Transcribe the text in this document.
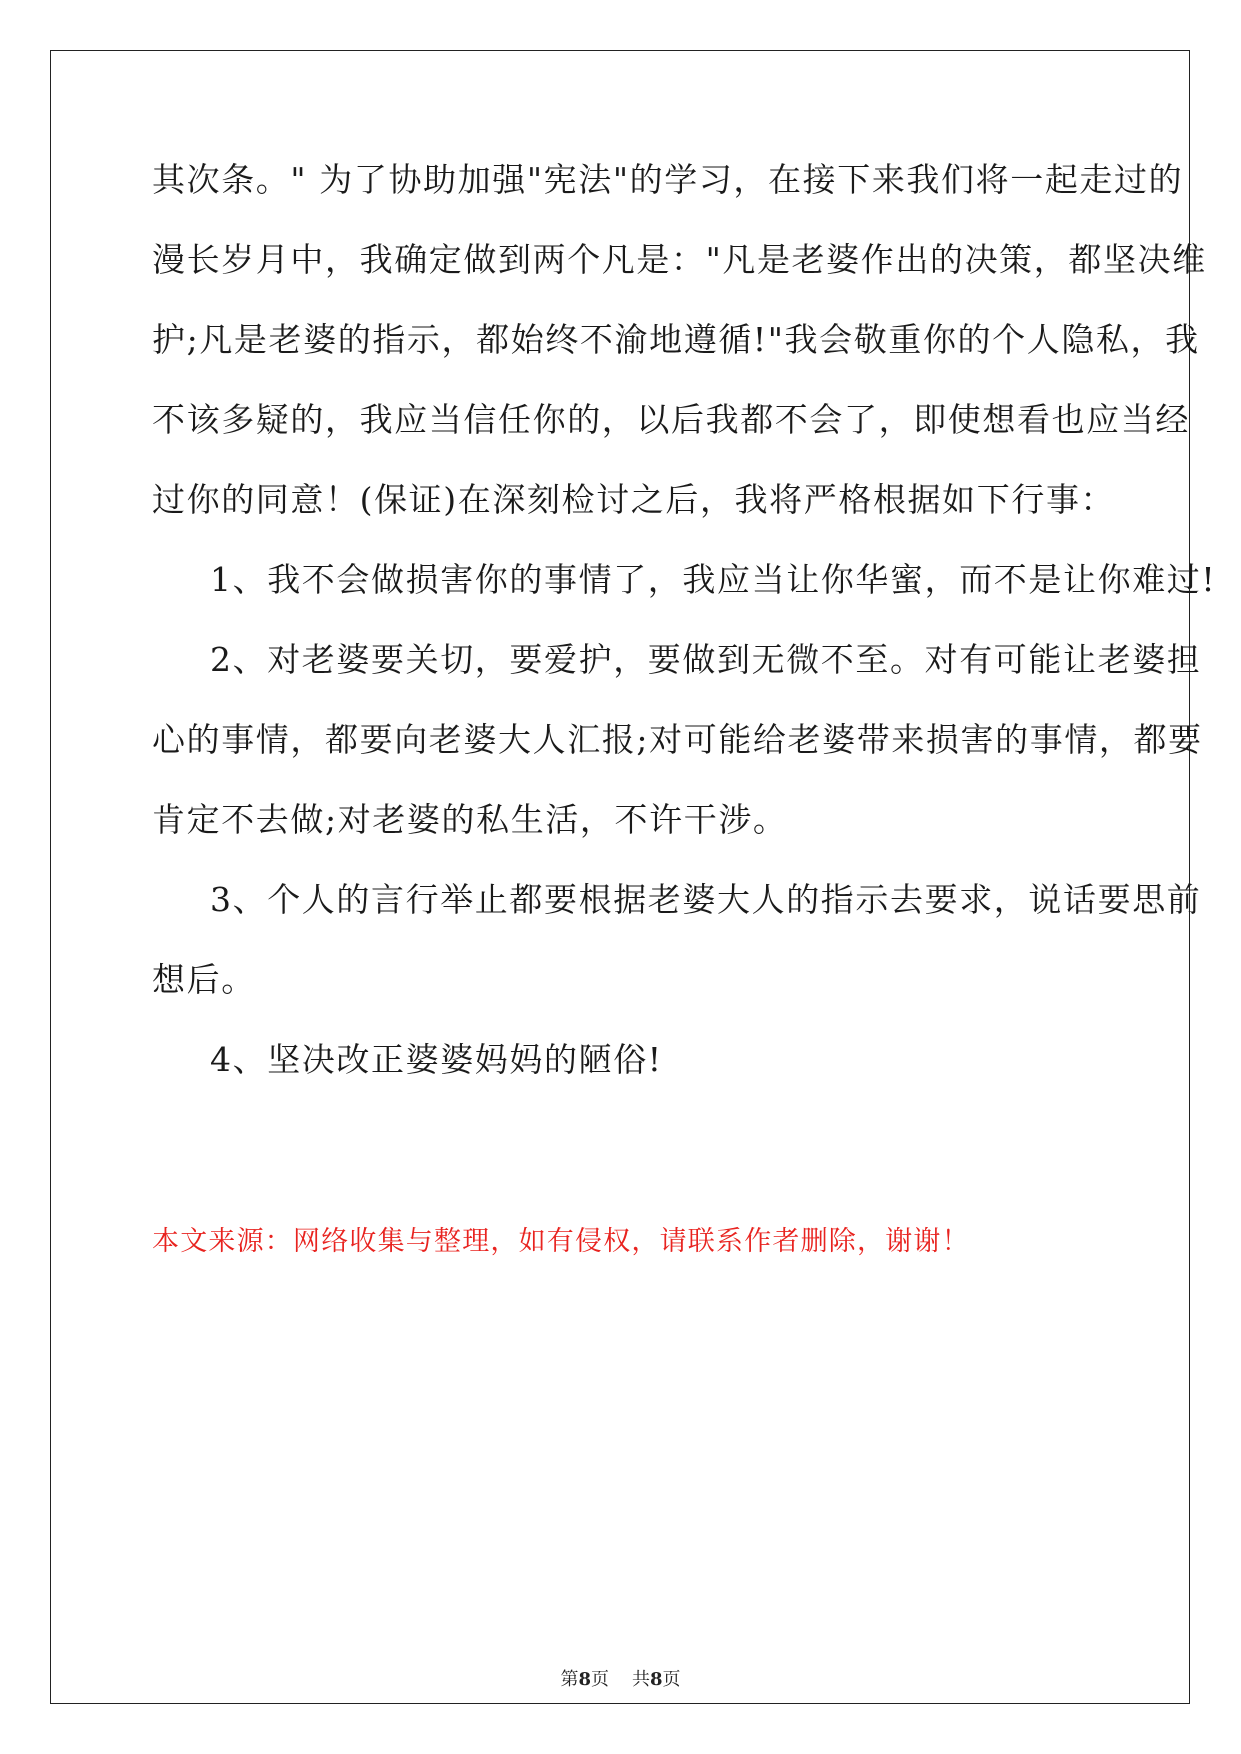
其次条。" 为了协助加强"宪法"的学习，在接下来我们将一起走过的
漫长岁月中，我确定做到两个凡是："凡是老婆作出的决策，都坚决维
护;凡是老婆的指示，都始终不渝地遵循!"我会敬重你的个人隐私，我
不该多疑的，我应当信任你的，以后我都不会了，即使想看也应当经
过你的同意！(保证)在深刻检讨之后，我将严格根据如下行事：
1、我不会做损害你的事情了，我应当让你华蜜，而不是让你难过!
2、对老婆要关切，要爱护，要做到无微不至。对有可能让老婆担
心的事情，都要向老婆大人汇报;对可能给老婆带来损害的事情，都要
肯定不去做;对老婆的私生活，不许干涉。
3、个人的言行举止都要根据老婆大人的指示去要求，说话要思前
想后。
4、坚决改正婆婆妈妈的陋俗!
本文来源：网络收集与整理，如有侵权，请联系作者删除，谢谢！
第8页 共8页
